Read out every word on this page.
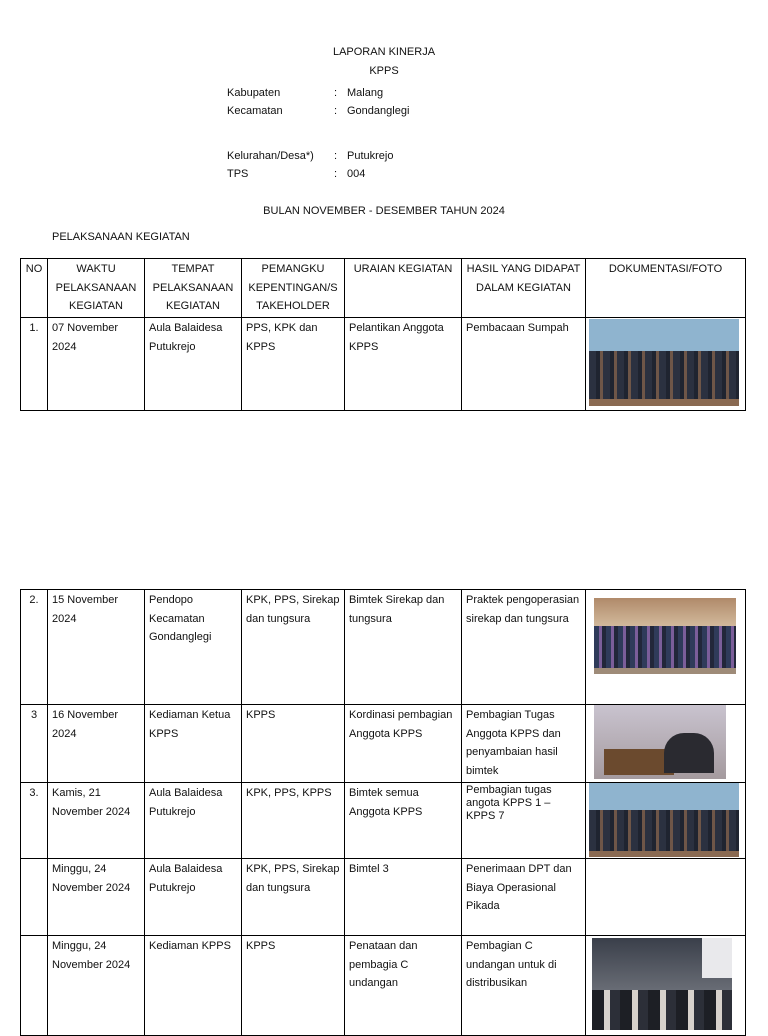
LAPORAN KINERJA
KPPS
Kabupaten	: Malang
Kecamatan	: Gondanglegi
Kelurahan/Desa*) : Putukrejo
TPS	: 004
BULAN NOVEMBER - DESEMBER TAHUN 2024
PELAKSANAAN KEGIATAN
NO	WAKTU PELAKSANAAN KEGIATAN	TEMPAT PELAKSANAAN KEGIATAN	PEMANGKU KEPENTINGAN/S TAKEHOLDER	URAIAN KEGIATAN	HASIL YANG DIDAPAT DALAM KEGIATAN	DOKUMENTASI/FOTO
1.	07 November 2024	Aula Balaidesa Putukrejo	PPS, KPK dan KPPS	Pelantikan Anggota KPPS	Pembacaan Sumpah	
2.	15 November 2024	Pendopo Kecamatan Gondanglegi	KPK, PPS, Sirekap dan tungsura	Bimtek Sirekap dan tungsura	Praktek pengoperasian sirekap dan tungsura	

3	16 November 2024	Kediaman Ketua KPPS	KPPS	Kordinasi pembagian Anggota KPPS	Pembagian Tugas Anggota KPPS dan penyambaian hasil bimtek	

3.	Kamis, 21 November 2024	Aula Balaidesa Putukrejo	KPK, PPS, KPPS	Bimtek semua Anggota KPPS	Pembagian tugas angota KPPS 1 – KPPS 7	

	Minggu, 24 November 2024	Aula Balaidesa Putukrejo	KPK, PPS, Sirekap dan tungsura	Bimtel 3	Penerimaan DPT dan Biaya Operasional Pikada	
	Minggu, 24 November 2024	Kediaman KPPS	KPPS	Penataan dan pembagia C undangan	Pembagian C undangan untuk di distribusikan	
